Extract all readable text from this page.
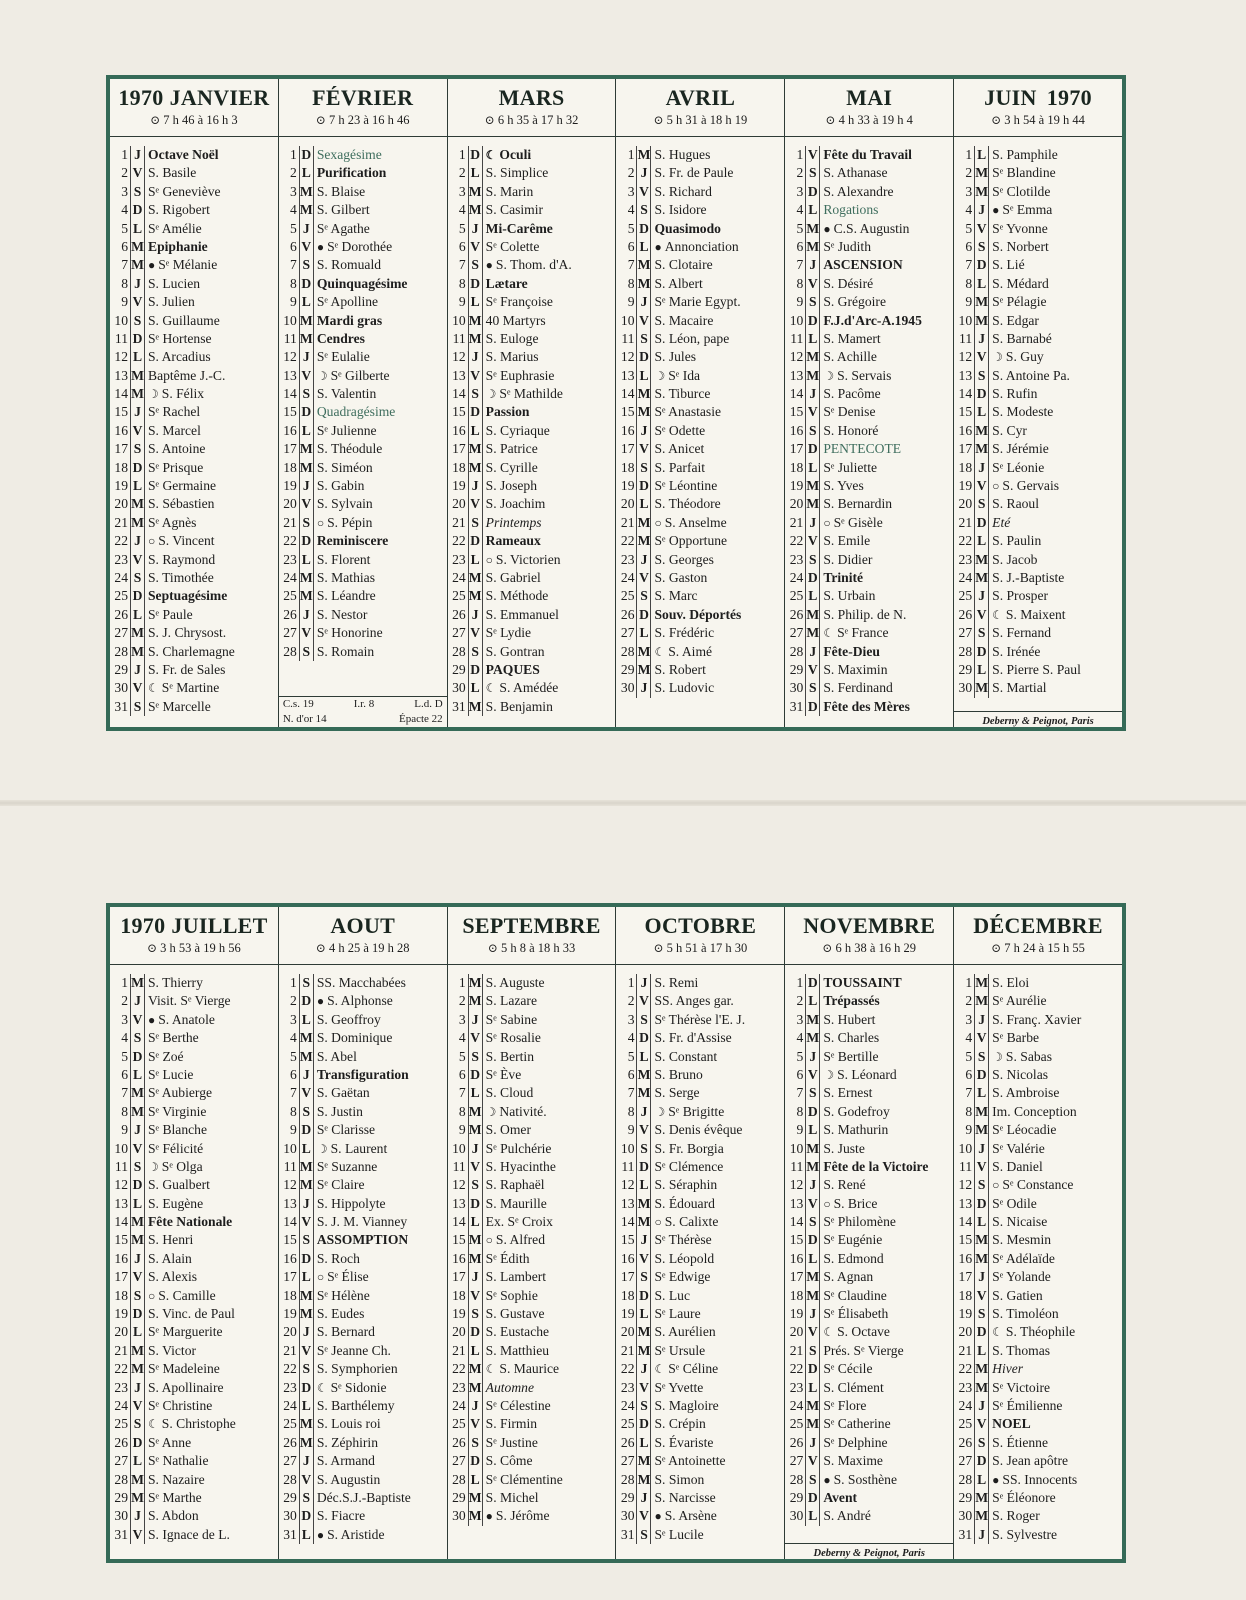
1970 JANVIER
⊙ 7 h 46 à 16 h 3
1 J Octave Noël
2 V S. Basile
3 S Sᵉ Geneviève
4 D S. Rigobert
5 L Sᵉ Amélie
6 M Epiphanie
7 M ● Sᵉ Mélanie
8 J S. Lucien
9 V S. Julien
10 S S. Guillaume
11 D Sᵉ Hortense
12 L S. Arcadius
13 M Baptême J.-C.
14 M ☽ S. Félix
15 J Sᵉ Rachel
16 V S. Marcel
17 S S. Antoine
18 D Sᵉ Prisque
19 L Sᵉ Germaine
20 M S. Sébastien
21 M Sᵉ Agnès
22 J ○ S. Vincent
23 V S. Raymond
24 S S. Timothée
25 D Septuagésime
26 L Sᵉ Paule
27 M S. J. Chrysost.
28 M S. Charlemagne
29 J S. Fr. de Sales
30 V ☾ Sᵉ Martine
31 S Sᵉ Marcelle
FÉVRIER
⊙ 7 h 23 à 16 h 46
1 D Sexagésime
2 L Purification
3 M S. Blaise
4 M S. Gilbert
5 J Sᵉ Agathe
6 V ● Sᵉ Dorothée
7 S S. Romuald
8 D Quinquagésime
9 L Sᵉ Apolline
10 M Mardi gras
11 M Cendres
12 J Sᵉ Eulalie
13 V ☽ Sᵉ Gilberte
14 S S. Valentin
15 D Quadragésime
16 L Sᵉ Julienne
17 M S. Théodule
18 M S. Siméon
19 J S. Gabin
20 V S. Sylvain
21 S ○ S. Pépin
22 D Reminiscere
23 L S. Florent
24 M S. Mathias
25 M S. Léandre
26 J S. Nestor
27 V Sᵉ Honorine
28 S S. Romain
C.s. 19	I.r. 8	L.d. D
N. d'or 14	Épacte 22
MARS
⊙ 6 h 35 à 17 h 32
1 D ☾ Oculi
2 L S. Simplice
3 M S. Marin
4 M S. Casimir
5 J Mi-Carême
6 V Sᵉ Colette
7 S ● S. Thom. d'A.
8 D Lætare
9 L Sᵉ Françoise
10 M 40 Martyrs
11 M S. Euloge
12 J S. Marius
13 V Sᵉ Euphrasie
14 S ☽ Sᵉ Mathilde
15 D Passion
16 L S. Cyriaque
17 M S. Patrice
18 M S. Cyrille
19 J S. Joseph
20 V S. Joachim
21 S Printemps
22 D Rameaux
23 L ○ S. Victorien
24 M S. Gabriel
25 M S. Méthode
26 J S. Emmanuel
27 V Sᵉ Lydie
28 S S. Gontran
29 D PAQUES
30 L ☾ S. Amédée
31 M S. Benjamin
AVRIL
⊙ 5 h 31 à 18 h 19
1 M S. Hugues
2 J S. Fr. de Paule
3 V S. Richard
4 S S. Isidore
5 D Quasimodo
6 L ● Annonciation
7 M S. Clotaire
8 M S. Albert
9 J Sᵉ Marie Egypt.
10 V S. Macaire
11 S S. Léon, pape
12 D S. Jules
13 L ☽ Sᵉ Ida
14 M S. Tiburce
15 M Sᵉ Anastasie
16 J Sᵉ Odette
17 V S. Anicet
18 S S. Parfait
19 D Sᵉ Léontine
20 L S. Théodore
21 M ○ S. Anselme
22 M Sᵉ Opportune
23 J S. Georges
24 V S. Gaston
25 S S. Marc
26 D Souv. Déportés
27 L S. Frédéric
28 M ☾ S. Aimé
29 M S. Robert
30 J S. Ludovic
MAI
⊙ 4 h 33 à 19 h 4
1 V Fête du Travail
2 S S. Athanase
3 D S. Alexandre
4 L Rogations
5 M ● C.S. Augustin
6 M Sᵉ Judith
7 J ASCENSION
8 V S. Désiré
9 S S. Grégoire
10 D F.J.d'Arc-A.1945
11 L S. Mamert
12 M S. Achille
13 M ☽ S. Servais
14 J S. Pacôme
15 V Sᵉ Denise
16 S S. Honoré
17 D PENTECOTE
18 L Sᵉ Juliette
19 M S. Yves
20 M S. Bernardin
21 J ○ Sᵉ Gisèle
22 V S. Emile
23 S S. Didier
24 D Trinité
25 L S. Urbain
26 M S. Philip. de N.
27 M ☾ Sᵉ France
28 J Fête-Dieu
29 V S. Maximin
30 S S. Ferdinand
31 D Fête des Mères
JUIN 1970
⊙ 3 h 54 à 19 h 44
1 L S. Pamphile
2 M Sᵉ Blandine
3 M Sᵉ Clotilde
4 J ● Sᵉ Emma
5 V Sᵉ Yvonne
6 S S. Norbert
7 D S. Lié
8 L S. Médard
9 M Sᵉ Pélagie
10 M S. Edgar
11 J S. Barnabé
12 V ☽ S. Guy
13 S S. Antoine Pa.
14 D S. Rufin
15 L S. Modeste
16 M S. Cyr
17 M S. Jérémie
18 J Sᵉ Léonie
19 V ○ S. Gervais
20 S S. Raoul
21 D Eté
22 L S. Paulin
23 M S. Jacob
24 M S. J.-Baptiste
25 J S. Prosper
26 V ☾ S. Maixent
27 S S. Fernand
28 D S. Irénée
29 L S. Pierre S. Paul
30 M S. Martial
Deberny & Peignot, Paris
1970 JUILLET
⊙ 3 h 53 à 19 h 56
1 M S. Thierry
2 J Visit. Sᵉ Vierge
3 V ● S. Anatole
4 S Sᵉ Berthe
5 D Sᵉ Zoé
6 L Sᵉ Lucie
7 M Sᵉ Aubierge
8 M Sᵉ Virginie
9 J Sᵉ Blanche
10 V Sᵉ Félicité
11 S ☽ Sᵉ Olga
12 D S. Gualbert
13 L S. Eugène
14 M Fête Nationale
15 M S. Henri
16 J S. Alain
17 V S. Alexis
18 S ○ S. Camille
19 D S. Vinc. de Paul
20 L Sᵉ Marguerite
21 M S. Victor
22 M Sᵉ Madeleine
23 J S. Apollinaire
24 V Sᵉ Christine
25 S ☾ S. Christophe
26 D Sᵉ Anne
27 L Sᵉ Nathalie
28 M S. Nazaire
29 M Sᵉ Marthe
30 J S. Abdon
31 V S. Ignace de L.
AOUT
⊙ 4 h 25 à 19 h 28
1 S SS. Macchabées
2 D ● S. Alphonse
3 L S. Geoffroy
4 M S. Dominique
5 M S. Abel
6 J Transfiguration
7 V S. Gaëtan
8 S S. Justin
9 D Sᵉ Clarisse
10 L ☽ S. Laurent
11 M Sᵉ Suzanne
12 M Sᵉ Claire
13 J S. Hippolyte
14 V S. J. M. Vianney
15 S ASSOMPTION
16 D S. Roch
17 L ○ Sᵉ Élise
18 M Sᵉ Hélène
19 M S. Eudes
20 J S. Bernard
21 V Sᵉ Jeanne Ch.
22 S S. Symphorien
23 D ☾ Sᵉ Sidonie
24 L S. Barthélemy
25 M S. Louis roi
26 M S. Zéphirin
27 J S. Armand
28 V S. Augustin
29 S Déc.S.J.-Baptiste
30 D S. Fiacre
31 L ● S. Aristide
SEPTEMBRE
⊙ 5 h 8 à 18 h 33
1 M S. Auguste
2 M S. Lazare
3 J Sᵉ Sabine
4 V Sᵉ Rosalie
5 S S. Bertin
6 D Sᵉ Ève
7 L S. Cloud
8 M ☽ Nativité.
9 M S. Omer
10 J Sᵉ Pulchérie
11 V S. Hyacinthe
12 S S. Raphaël
13 D S. Maurille
14 L Ex. Sᵉ Croix
15 M ○ S. Alfred
16 M Sᵉ Édith
17 J S. Lambert
18 V Sᵉ Sophie
19 S S. Gustave
20 D S. Eustache
21 L S. Matthieu
22 M ☾ S. Maurice
23 M Automne
24 J Sᵉ Célestine
25 V S. Firmin
26 S Sᵉ Justine
27 D S. Côme
28 L Sᵉ Clémentine
29 M S. Michel
30 M ● S. Jérôme
OCTOBRE
⊙ 5 h 51 à 17 h 30
1 J S. Remi
2 V SS. Anges gar.
3 S Sᵉ Thérèse l'E. J.
4 D S. Fr. d'Assise
5 L S. Constant
6 M S. Bruno
7 M S. Serge
8 J ☽ Sᵉ Brigitte
9 V S. Denis évêque
10 S S. Fr. Borgia
11 D Sᵉ Clémence
12 L S. Séraphin
13 M S. Édouard
14 M ○ S. Calixte
15 J Sᵉ Thérèse
16 V S. Léopold
17 S Sᵉ Edwige
18 D S. Luc
19 L Sᵉ Laure
20 M S. Aurélien
21 M Sᵉ Ursule
22 J ☾ Sᵉ Céline
23 V Sᵉ Yvette
24 S S. Magloire
25 D S. Crépin
26 L S. Évariste
27 M Sᵉ Antoinette
28 M S. Simon
29 J S. Narcisse
30 V ● S. Arsène
31 S Sᵉ Lucile
NOVEMBRE
⊙ 6 h 38 à 16 h 29
1 D TOUSSAINT
2 L Trépassés
3 M S. Hubert
4 M S. Charles
5 J Sᵉ Bertille
6 V ☽ S. Léonard
7 S S. Ernest
8 D S. Godefroy
9 L S. Mathurin
10 M S. Juste
11 M Fête de la Victoire
12 J S. René
13 V ○ S. Brice
14 S Sᵉ Philomène
15 D Sᵉ Eugénie
16 L S. Edmond
17 M S. Agnan
18 M Sᵉ Claudine
19 J Sᵉ Élisabeth
20 V ☾ S. Octave
21 S Prés. Sᵉ Vierge
22 D Sᵉ Cécile
23 L S. Clément
24 M Sᵉ Flore
25 M Sᵉ Catherine
26 J Sᵉ Delphine
27 V S. Maxime
28 S ● S. Sosthène
29 D Avent
30 L S. André
Deberny & Peignot, Paris
DÉCEMBRE
⊙ 7 h 24 à 15 h 55
1 M S. Eloi
2 M Sᵉ Aurélie
3 J S. Franç. Xavier
4 V Sᵉ Barbe
5 S ☽ S. Sabas
6 D S. Nicolas
7 L S. Ambroise
8 M Im. Conception
9 M Sᵉ Léocadie
10 J Sᵉ Valérie
11 V S. Daniel
12 S ○ Sᵉ Constance
13 D Sᵉ Odile
14 L S. Nicaise
15 M S. Mesmin
16 M Sᵉ Adélaïde
17 J Sᵉ Yolande
18 V S. Gatien
19 S S. Timoléon
20 D ☾ S. Théophile
21 L S. Thomas
22 M Hiver
23 M Sᵉ Victoire
24 J Sᵉ Émilienne
25 V NOEL
26 S S. Étienne
27 D S. Jean apôtre
28 L ● SS. Innocents
29 M Sᵉ Éléonore
30 M S. Roger
31 J S. Sylvestre
